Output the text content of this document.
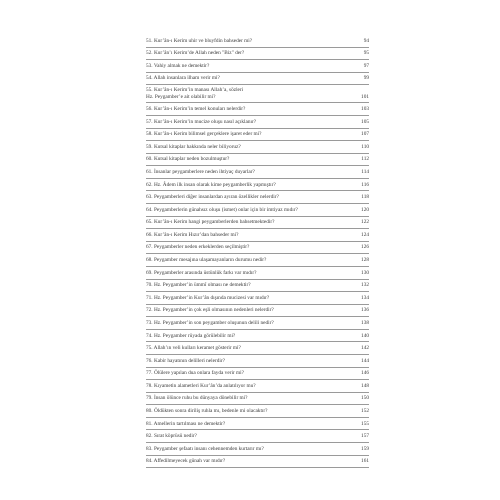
51. Kur’ân-ı Kerim uhir ve bluyfdin bahseder mi?	94
52. Kur’ân’ı Kerim’de Allah neden "Biz" der?	95
53. Vahiy almak ne demektir?	97
54. Allah insanlara ilham verir mi?	99
55. Kur’ân-ı Kerim’in manası Allah’a, sözleri
Hz. Peygamber’e ait olabilir mi?	101
56. Kur’ân-ı Kerim’in temel konuları nelerdir?	103
57. Kur’ân-ı Kerim’in mucize oluşu nasıl açıklanır?	105
58. Kur’ân-ı Kerim bilimsel gerçeklere işaret eder mi?	107
59. Kutsal kitaplar hakkında neler biliyoruz?	110
60. Kutsal kitaplar neden bozulmuştur?	112
61. İnsanlar peygamberlere neden ihtiyaç duyarlar?	114
62. Hz. Âdem ilk insan olarak kime peygamberlik yapmıştır?	116
63. Peygamberleri diğer insanlardan ayıran özellikler nelerdir?	118
64. Peygamberlerin günahsız oluşu (ismet) onlar için bir imtiyaz mıdır?	120
65. Kur’ân-ı Kerim hangi peygamberlerden bahsetmektedir?	122
66. Kur’ân-ı Kerim Hızır’dan bahseder mi?	124
67. Peygamberler neden erkeklerden seçilmiştir?	126
68. Peygamber mesajına ulaşamayanların durumu nedir?	128
69. Peygamberler arasında üstünlük farkı var mıdır?	130
70. Hz. Peygamber’in ümmî olması ne demektir?	132
71. Hz. Peygamber’in Kur’ân dışında mucizesi var mıdır?	134
72. Hz. Peygamber’in çok eşli olmasının nedenleri nelerdir?	136
73. Hz. Peygamber’in son peygamber oluşunun delili nedir?	138
74. Hz. Peygamber rüyada görülebilir mi?	140
75. Allah’ın veli kulları keramet gösterir mi?	142
76. Kabir hayatının delilleri nelerdir?	144
77. Ölülere yapılan dua onlara fayda verir mi?	146
78. Kıyametin alametleri Kur’ân’da anlatılıyor mu?	148
79. İnsan ölünce ruhu bu dünyaya dönebilir mi?	150
80. Öldükten sonra diriliş ruhla mı, bedenle mi olacaktır?	152
81. Amellerin tartılması ne demektir?	155
82. Sırat köprüsü nedir?	157
83. Peygamber şefaatı insanı cehennemden kurtarır mı?	159
84. Affedilmeyecek günah var mıdır?	161
